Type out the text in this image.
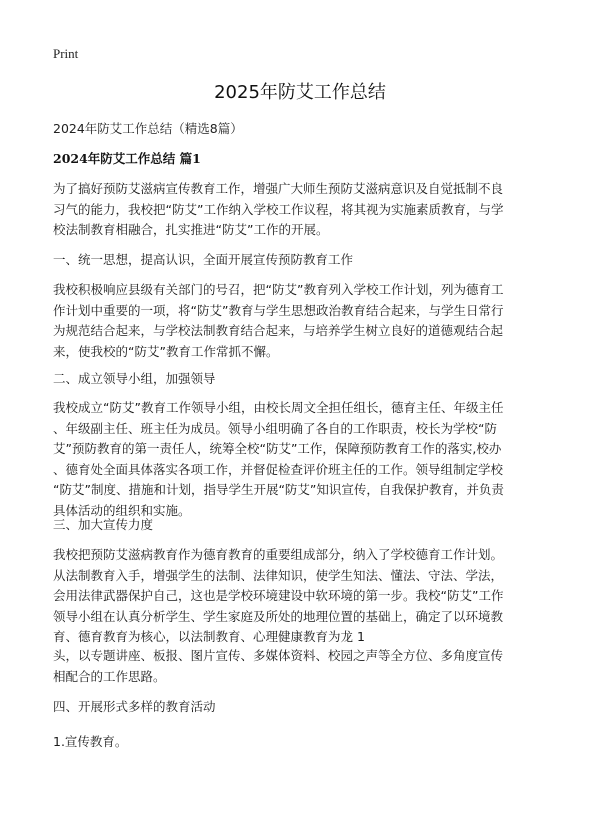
Print
2025年防艾工作总结
2024年防艾工作总结（精选8篇）
2024年防艾工作总结 篇1
为了搞好预防艾滋病宣传教育工作，增强广大师生预防艾滋病意识及自觉抵制不良
习气的能力，我校把“防艾”工作纳入学校工作议程，将其视为实施素质教育，与学
校法制教育相融合，扎实推进“防艾”工作的开展。
一、统一思想，提高认识，全面开展宣传预防教育工作
我校积极响应县级有关部门的号召，把“防艾”教育列入学校工作计划，列为德育工
作计划中重要的一项，将“防艾”教育与学生思想政治教育结合起来，与学生日常行
为规范结合起来，与学校法制教育结合起来，与培养学生树立良好的道德观结合起
来，使我校的“防艾”教育工作常抓不懈。
二、成立领导小组，加强领导
我校成立“防艾”教育工作领导小组，由校长周文全担任组长，德育主任、年级主任
、年级副主任、班主任为成员。领导小组明确了各自的工作职责，校长为学校“防
艾”预防教育的第一责任人，统筹全校“防艾”工作，保障预防教育工作的落实,校办
、德育处全面具体落实各项工作，并督促检查评价班主任的工作。领导组制定学校
“防艾”制度、措施和计划，指导学生开展“防艾”知识宣传，自我保护教育，并负责
具体活动的组织和实施。
三、加大宣传力度
我校把预防艾滋病教育作为德育教育的重要组成部分，纳入了学校德育工作计划。
从法制教育入手，增强学生的法制、法律知识，使学生知法、懂法、守法、学法，
会用法律武器保护自己，这也是学校环境建设中软环境的第一步。我校“防艾”工作
领导小组在认真分析学生、学生家庭及所处的地理位置的基础上，确定了以环境教
育、德育教育为核心，以法制教育、心理健康教育为龙 1
头，以专题讲座、板报、图片宣传、多媒体资料、校园之声等全方位、多角度宣传
相配合的工作思路。
四、开展形式多样的教育活动
1.宣传教育。
